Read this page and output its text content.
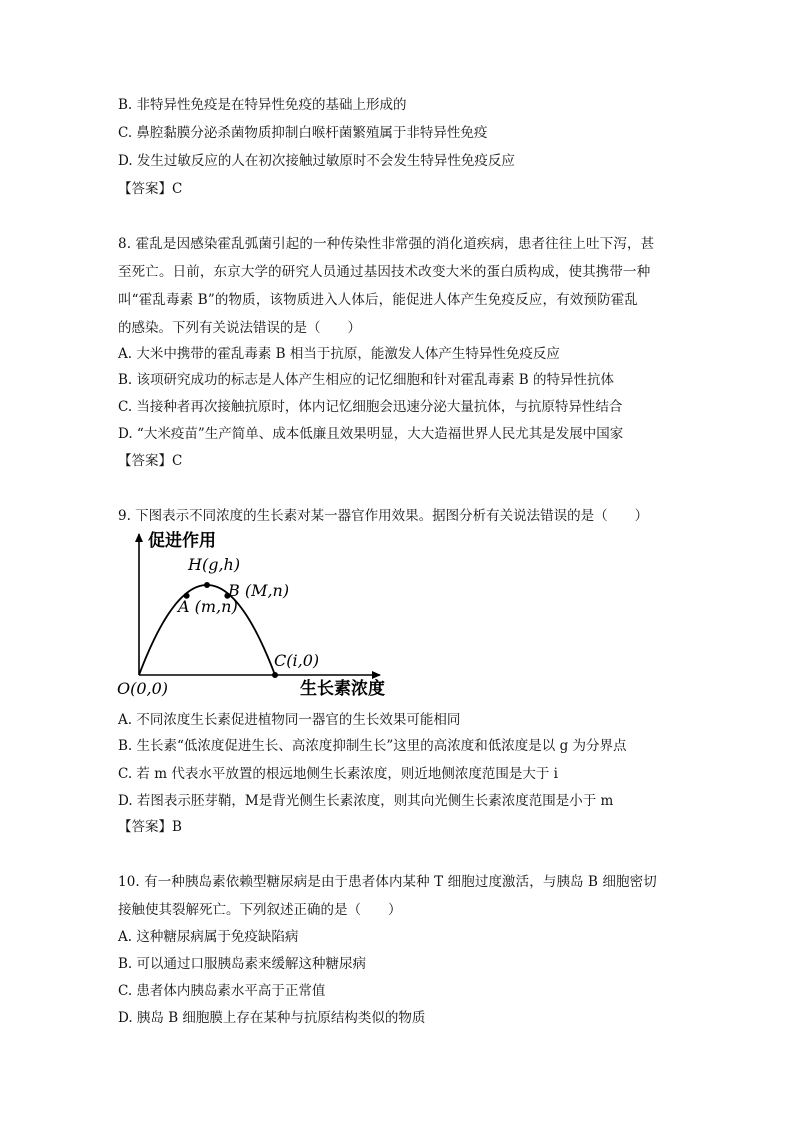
B. 非特异性免疫是在特异性免疫的基础上形成的
C. 鼻腔黏膜分泌杀菌物质抑制白喉杆菌繁殖属于非特异性免疫
D. 发生过敏反应的人在初次接触过敏原时不会发生特异性免疫反应
【答案】C
8. 霍乱是因感染霍乱弧菌引起的一种传染性非常强的消化道疾病，患者往往上吐下泻，甚
至死亡。日前，东京大学的研究人员通过基因技术改变大米的蛋白质构成，使其携带一种
叫“霍乱毒素 B”的物质，该物质进入人体后，能促进人体产生免疫反应，有效预防霍乱
的感染。下列有关说法错误的是（　　）
A. 大米中携带的霍乱毒素 B 相当于抗原，能激发人体产生特异性免疫反应
B. 该项研究成功的标志是人体产生相应的记忆细胞和针对霍乱毒素 B 的特异性抗体
C. 当接种者再次接触抗原时，体内记忆细胞会迅速分泌大量抗体，与抗原特异性结合
D. “大米疫苗”生产简单、成本低廉且效果明显，大大造福世界人民尤其是发展中国家
【答案】C
9. 下图表示不同浓度的生长素对某一器官作用效果。据图分析有关说法错误的是（　　）
促进作用
生长素浓度
O(0,0)
H(g,h)
A (m,n)
B (M,n)
C(i,0)
A. 不同浓度生长素促进植物同一器官的生长效果可能相同
B. 生长素“低浓度促进生长、高浓度抑制生长”这里的高浓度和低浓度是以 g 为分界点
C. 若 m 代表水平放置的根远地侧生长素浓度，则近地侧浓度范围是大于 i
D. 若图表示胚芽鞘，M是背光侧生长素浓度，则其向光侧生长素浓度范围是小于 m
【答案】B
10. 有一种胰岛素依赖型糖尿病是由于患者体内某种 T 细胞过度激活，与胰岛 B 细胞密切
接触使其裂解死亡。下列叙述正确的是（　　）
A. 这种糖尿病属于免疫缺陷病
B. 可以通过口服胰岛素来缓解这种糖尿病
C. 患者体内胰岛素水平高于正常值
D. 胰岛 B 细胞膜上存在某种与抗原结构类似的物质
